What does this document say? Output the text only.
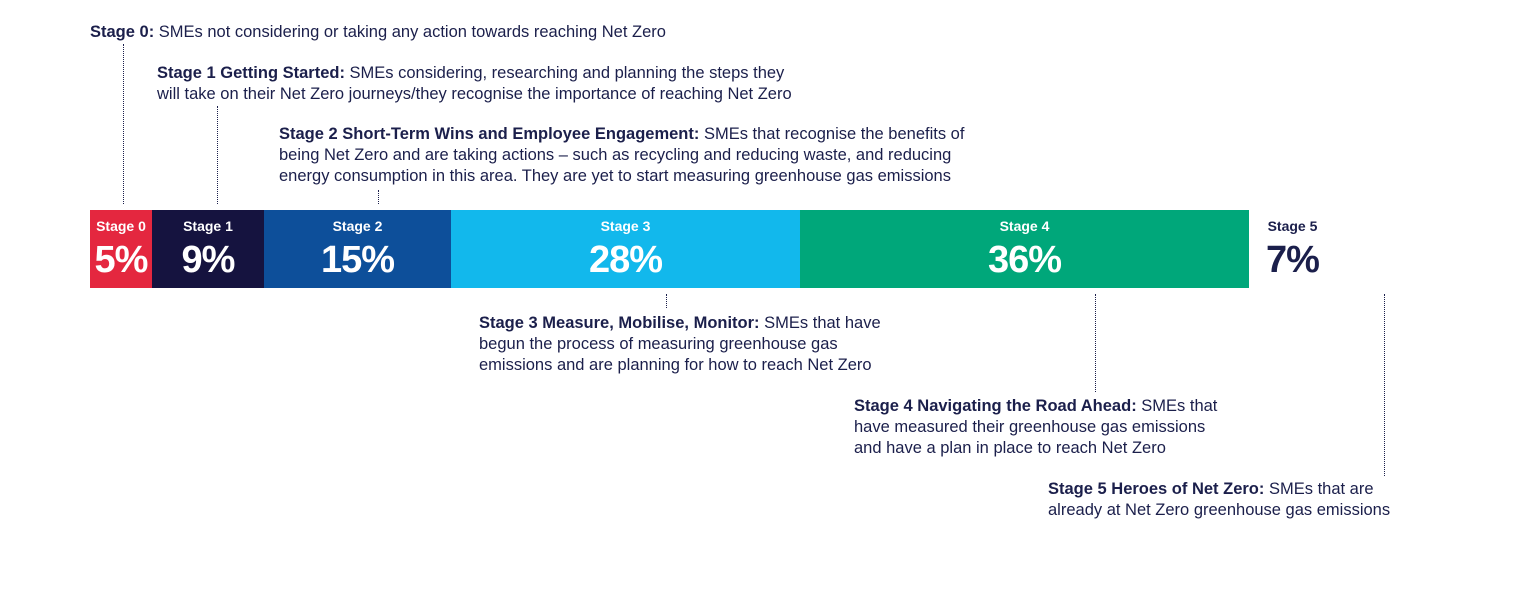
Stage 0: SMEs not considering or taking any action towards reaching Net Zero
Stage 1 Getting Started: SMEs considering, researching and planning the steps they
will take on their Net Zero journeys/they recognise the importance of reaching Net Zero
Stage 2 Short-Term Wins and Employee Engagement: SMEs that recognise the benefits of
being Net Zero and are taking actions – such as recycling and reducing waste, and reducing
energy consumption in this area. They are yet to start measuring greenhouse gas emissions
Stage 3 Measure, Mobilise, Monitor: SMEs that have
begun the process of measuring greenhouse gas
emissions and are planning for how to reach Net Zero
Stage 4 Navigating the Road Ahead: SMEs that
have measured their greenhouse gas emissions
and have a plan in place to reach Net Zero
Stage 5 Heroes of Net Zero: SMEs that are
already at Net Zero greenhouse gas emissions
Stage 0
5%
Stage 1
9%
Stage 2
15%
Stage 3
28%
Stage 4
36%
Stage 5
7%
